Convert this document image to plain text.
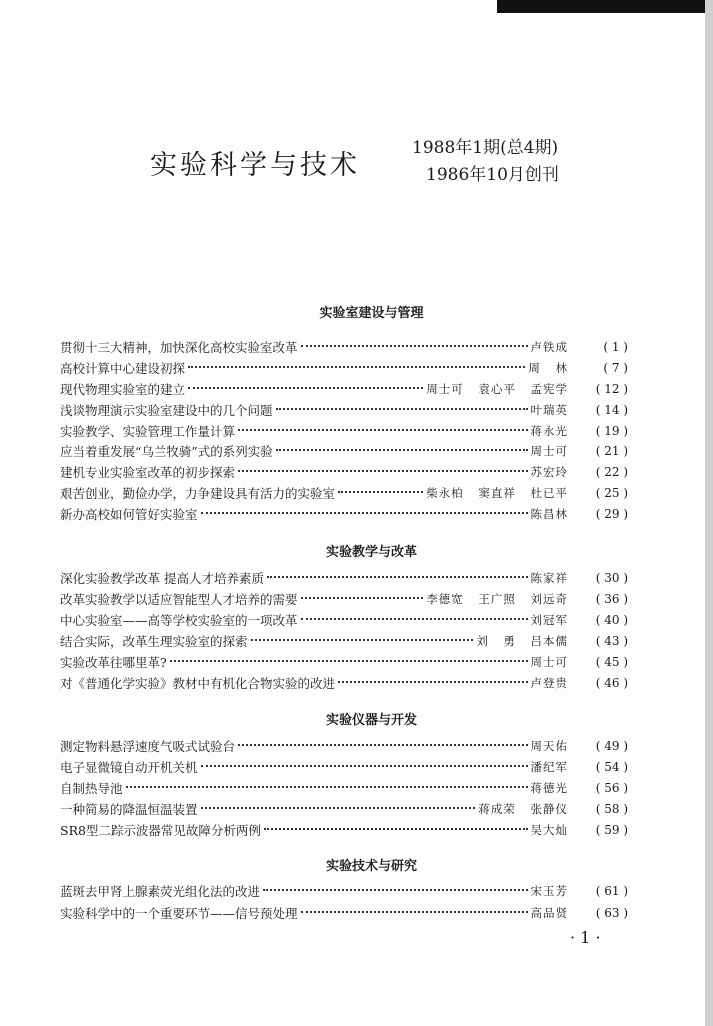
实验科学与技术
1988年1期(总4期)
1986年10月创刊
实验室建设与管理
贯彻十三大精神，加快深化高校实验室改革	卢铁成	( 1 )
高校计算中心建设初探	周 林	( 7 )
现代物理实验室的建立	周士可 袁心平 孟宪学	( 12 )
浅谈物理演示实验室建设中的几个问题	叶瑞英	( 14 )
实验教学、实验管理工作量计算	蒋永光	( 19 )
应当着重发展“乌兰牧骑”式的系列实验	周士可	( 21 )
建机专业实验室改革的初步探索	苏宏玲	( 22 )
艰苦创业，勤俭办学，力争建设具有活力的实验室	柴永柏 窦直祥 杜已平	( 25 )
新办高校如何管好实验室	陈昌林	( 29 )
实验教学与改革
深化实验教学改革 提高人才培养素质	陈家祥	( 30 )
改革实验教学以适应智能型人才培养的需要	李德宽 王广照 刘远奇	( 36 )
中心实验室——高等学校实验室的一项改革	刘冠军	( 40 )
结合实际，改革生理实验室的探索	刘 勇 吕本儒	( 43 )
实验改革往哪里革?	周士可	( 45 )
对《普通化学实验》教材中有机化合物实验的改进	卢登贵	( 46 )
实验仪器与开发
测定物料悬浮速度气吸式试验台	周天佑	( 49 )
电子显微镜自动开机关机	潘纪军	( 54 )
自制热导池	蒋德光	( 56 )
一种简易的降温恒温装置	蒋成荣 张静仪	( 58 )
SR8型二踪示波器常见故障分析两例	吴大灿	( 59 )
实验技术与研究
蓝斑去甲肾上腺素荧光组化法的改进	宋玉芳	( 61 )
实验科学中的一个重要环节——信号预处理	高品贤	( 63 )
· 1 ·
